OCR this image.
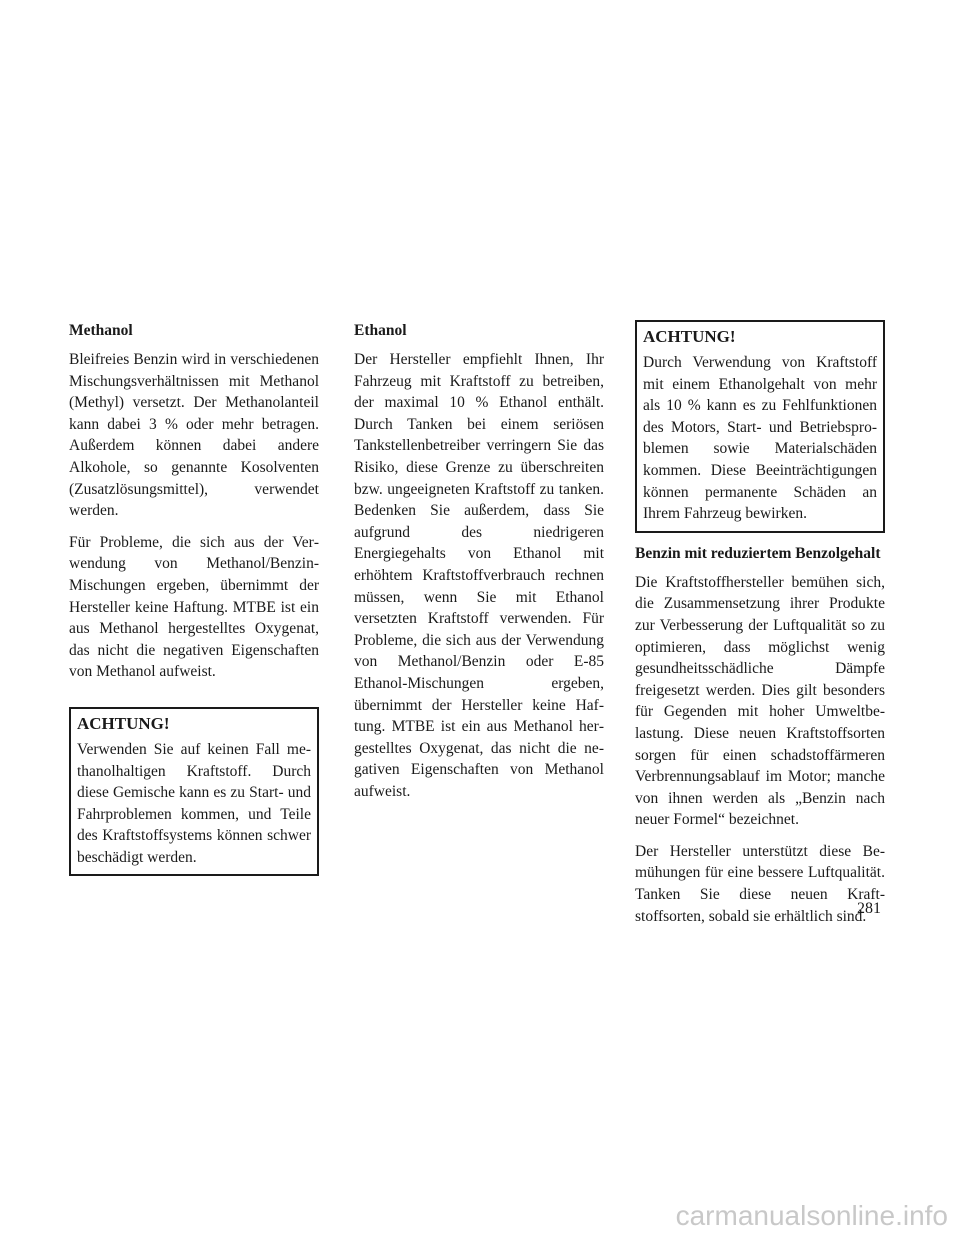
Methanol

Bleifreies Benzin wird in verschiedenen Mischungsverhältnissen mit Methanol (Methyl) versetzt. Der Methanolanteil kann dabei 3 % oder mehr betragen. Außerdem können dabei andere Alkohole, so genannte Kosolventen (Zusatzlösungsmittel), verwendet werden.

Für Probleme, die sich aus der Verwendung von Methanol/Benzin-Mischungen ergeben, übernimmt der Hersteller keine Haftung. MTBE ist ein aus Methanol hergestelltes Oxygenat, das nicht die negativen Eigenschaften von Methanol aufweist.

ACHTUNG!

Verwenden Sie auf keinen Fall methanolhaltigen Kraftstoff. Durch diese Gemische kann es zu Start- und Fahrproblemen kommen, und Teile des Kraftstoffsystems können schwer beschädigt werden.

Ethanol

Der Hersteller empfiehlt Ihnen, Ihr Fahrzeug mit Kraftstoff zu betreiben, der maximal 10 % Ethanol enthält. Durch Tanken bei einem seriösen Tankstellenbetreiber verringern Sie das Risiko, diese Grenze zu überschreiten bzw. ungeeigneten Kraftstoff zu tanken. Bedenken Sie außerdem, dass Sie aufgrund des niedrigeren Energiegehalts von Ethanol mit erhöhtem Kraftstoffverbrauch rechnen müssen, wenn Sie mit Ethanol versetzten Kraftstoff verwenden. Für Probleme, die sich aus der Verwendung von Methanol/Benzin oder E-85 Ethanol-Mischungen ergeben, übernimmt der Hersteller keine Haftung. MTBE ist ein aus Methanol hergestelltes Oxygenat, das nicht die negativen Eigenschaften von Methanol aufweist.

ACHTUNG!

Durch Verwendung von Kraftstoff mit einem Ethanolgehalt von mehr als 10 % kann es zu Fehlfunktionen des Motors, Start- und Betriebsproblemen sowie Materialschäden kommen. Diese Beeinträchtigungen können permanente Schäden an Ihrem Fahrzeug bewirken.

Benzin mit reduziertem Benzolgehalt

Die Kraftstoffhersteller bemühen sich, die Zusammensetzung ihrer Produkte zur Verbesserung der Luftqualität so zu optimieren, dass möglichst wenig gesundheitsschädliche Dämpfe freigesetzt werden. Dies gilt besonders für Gegenden mit hoher Umweltbelastung. Diese neuen Kraftstoffsorten sorgen für einen schadstoffärmeren Verbrennungsablauf im Motor; manche von ihnen werden als „Benzin nach neuer Formel“ bezeichnet.

Der Hersteller unterstützt diese Bemühungen für eine bessere Luftqualität. Tanken Sie diese neuen Kraftstoffsorten, sobald sie erhältlich sind.

281
carmanualsonline.info
